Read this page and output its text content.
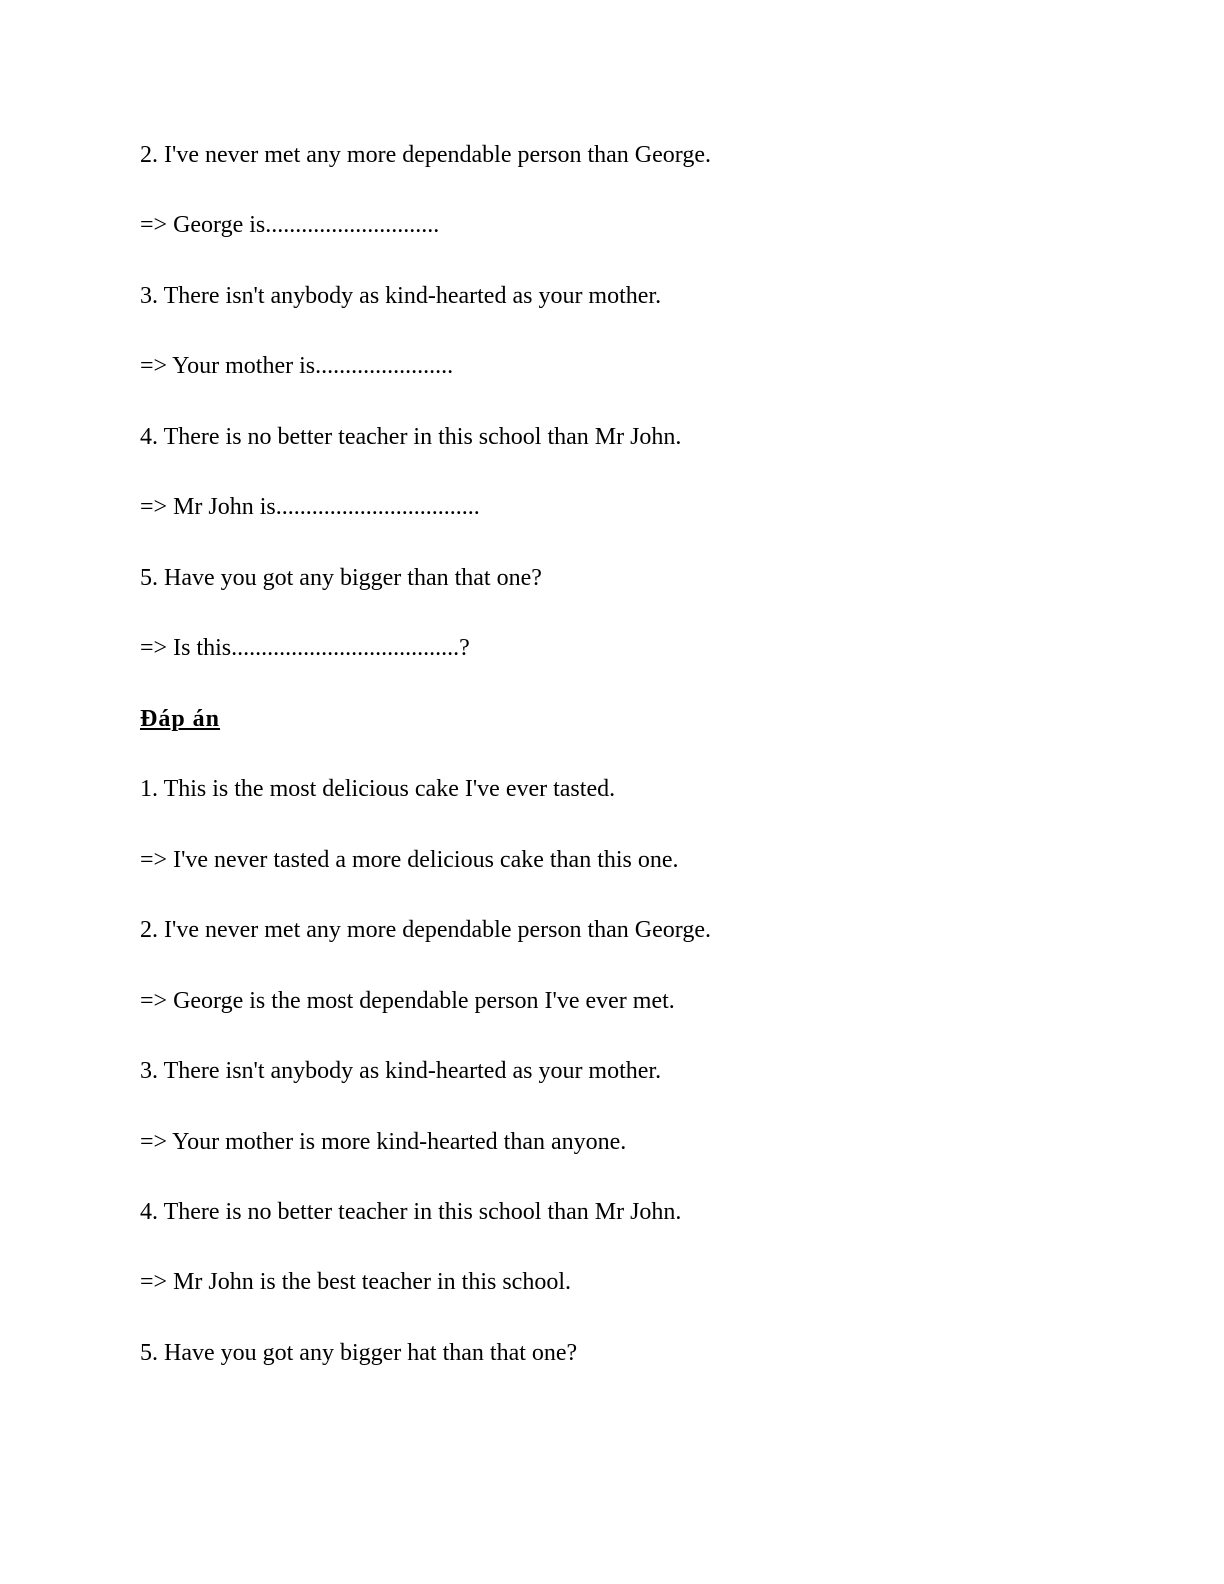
2. I've never met any more dependable person than George.
=> George is.............................
3. There isn't anybody as kind-hearted as your mother.
=> Your mother is.......................
4. There is no better teacher in this school than Mr John.
=> Mr John is..................................
5. Have you got any bigger than that one?
=> Is this......................................?
Đáp án
1. This is the most delicious cake I've ever tasted.
=> I've never tasted a more delicious cake than this one.
2. I've never met any more dependable person than George.
=> George is the most dependable person I've ever met.
3. There isn't anybody as kind-hearted as your mother.
=> Your mother is more kind-hearted than anyone.
4. There is no better teacher in this school than Mr John.
=> Mr John is the best teacher in this school.
5. Have you got any bigger hat than that one?
